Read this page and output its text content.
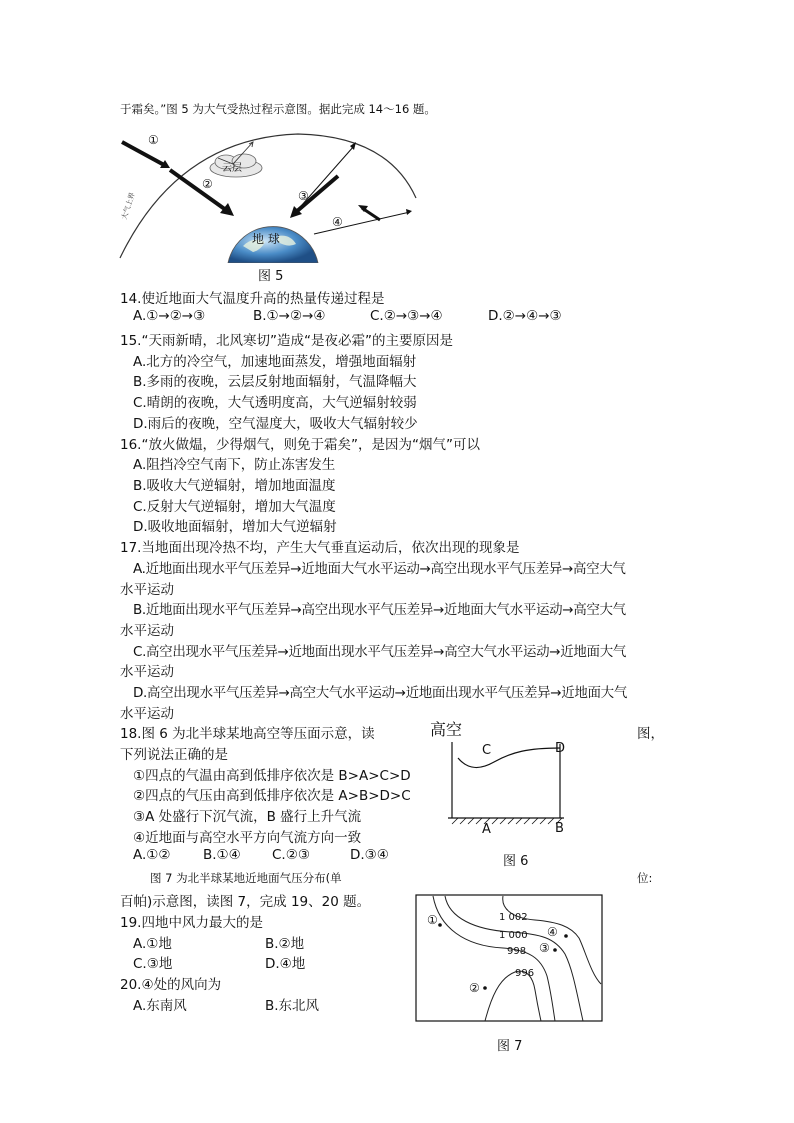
于霜矣。”图 5 为大气受热过程示意图。据此完成 14～16 题。
地 球
云层
①
②
③
④
大气上界
图 5
14.使近地面大气温度升高的热量传递过程是
A.①→②→③	B.①→②→④	C.②→③→④	D.②→④→③
15.“天雨新晴，北风寒切”造成“是夜必霜”的主要原因是
A.北方的冷空气，加速地面蒸发，增强地面辐射
B.多雨的夜晚，云层反射地面辐射，气温降幅大
C.晴朗的夜晚，大气透明度高，大气逆辐射较弱
D.雨后的夜晚，空气湿度大，吸收大气辐射较少
16.“放火做煴，少得烟气，则免于霜矣”，是因为“烟气”可以
A.阻挡冷空气南下，防止冻害发生
B.吸收大气逆辐射，增加地面温度
C.反射大气逆辐射，增加大气温度
D.吸收地面辐射，增加大气逆辐射
17.当地面出现冷热不均，产生大气垂直运动后，依次出现的现象是
A.近地面出现水平气压差异→近地面大气水平运动→高空出现水平气压差异→高空大气
水平运动
B.近地面出现水平气压差异→高空出现水平气压差异→近地面大气水平运动→高空大气
水平运动
C.高空出现水平气压差异→近地面出现水平气压差异→高空大气水平运动→近地面大气
水平运动
D.高空出现水平气压差异→高空大气水平运动→近地面出现水平气压差异→近地面大气
水平运动
18.图 6 为北半球某地高空等压面示意，读	图，
下列说法正确的是
①四点的气温由高到低排序依次是 B>A>C>D
②四点的气压由高到低排序依次是 A>B>D>C
③A 处盛行下沉气流，B 盛行上升气流
④近地面与高空水平方向气流方向一致
A.①② B.①④ C.②③	D.③④
高空
C	D
A	B
图 6
图 7 为北半球某地近地面气压分布(单	位:
百帕)示意图，读图 7，完成 19、20 题。
19.四地中风力最大的是
A.①地	B.②地
C.③地	D.④地
20.④处的风向为
A.东南风	B.东北风
1 002
1 000
998
996
①
④
③
②
图 7
